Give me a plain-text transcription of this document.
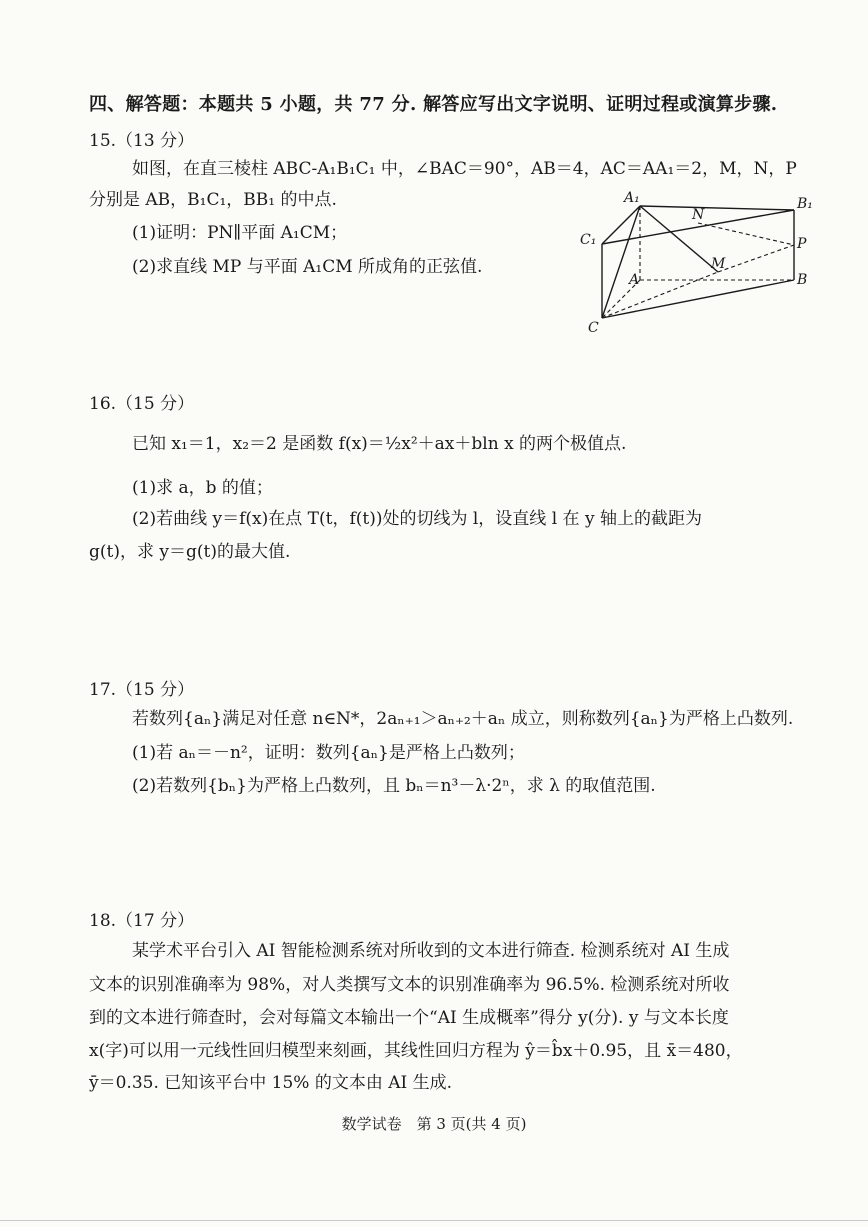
四、解答题：本题共 5 小题，共 77 分. 解答应写出文字说明、证明过程或演算步骤.
15.（13 分）
如图，在直三棱柱 ABC-A₁B₁C₁ 中，∠BAC＝90°，AB＝4，AC＝AA₁＝2，M，N，P
分别是 AB，B₁C₁，BB₁ 的中点.
(1)证明：PN∥平面 A₁CM；
(2)求直线 MP 与平面 A₁CM 所成角的正弦值.
A₁
N
B₁
C₁	P
A
M
B
C
16.（15 分）
已知 x₁＝1，x₂＝2 是函数 f(x)＝½x²＋ax＋bln x 的两个极值点.
(1)求 a，b 的值；
(2)若曲线 y＝f(x)在点 T(t，f(t))处的切线为 l，设直线 l 在 y 轴上的截距为
g(t)，求 y＝g(t)的最大值.
17.（15 分）
若数列{aₙ}满足对任意 n∈N*，2aₙ₊₁＞aₙ₊₂＋aₙ 成立，则称数列{aₙ}为严格上凸数列.
(1)若 aₙ＝－n²，证明：数列{aₙ}是严格上凸数列；
(2)若数列{bₙ}为严格上凸数列，且 bₙ＝n³－λ·2ⁿ，求 λ 的取值范围.
18.（17 分）
某学术平台引入 AI 智能检测系统对所收到的文本进行筛查. 检测系统对 AI 生成
文本的识别准确率为 98%，对人类撰写文本的识别准确率为 96.5%. 检测系统对所收
到的文本进行筛查时，会对每篇文本输出一个“AI 生成概率”得分 y(分). y 与文本长度
x(字)可以用一元线性回归模型来刻画，其线性回归方程为 ŷ＝b̂x＋0.95，且 x̄＝480，
ȳ＝0.35. 已知该平台中 15% 的文本由 AI 生成.
数学试卷　第 3 页(共 4 页)
